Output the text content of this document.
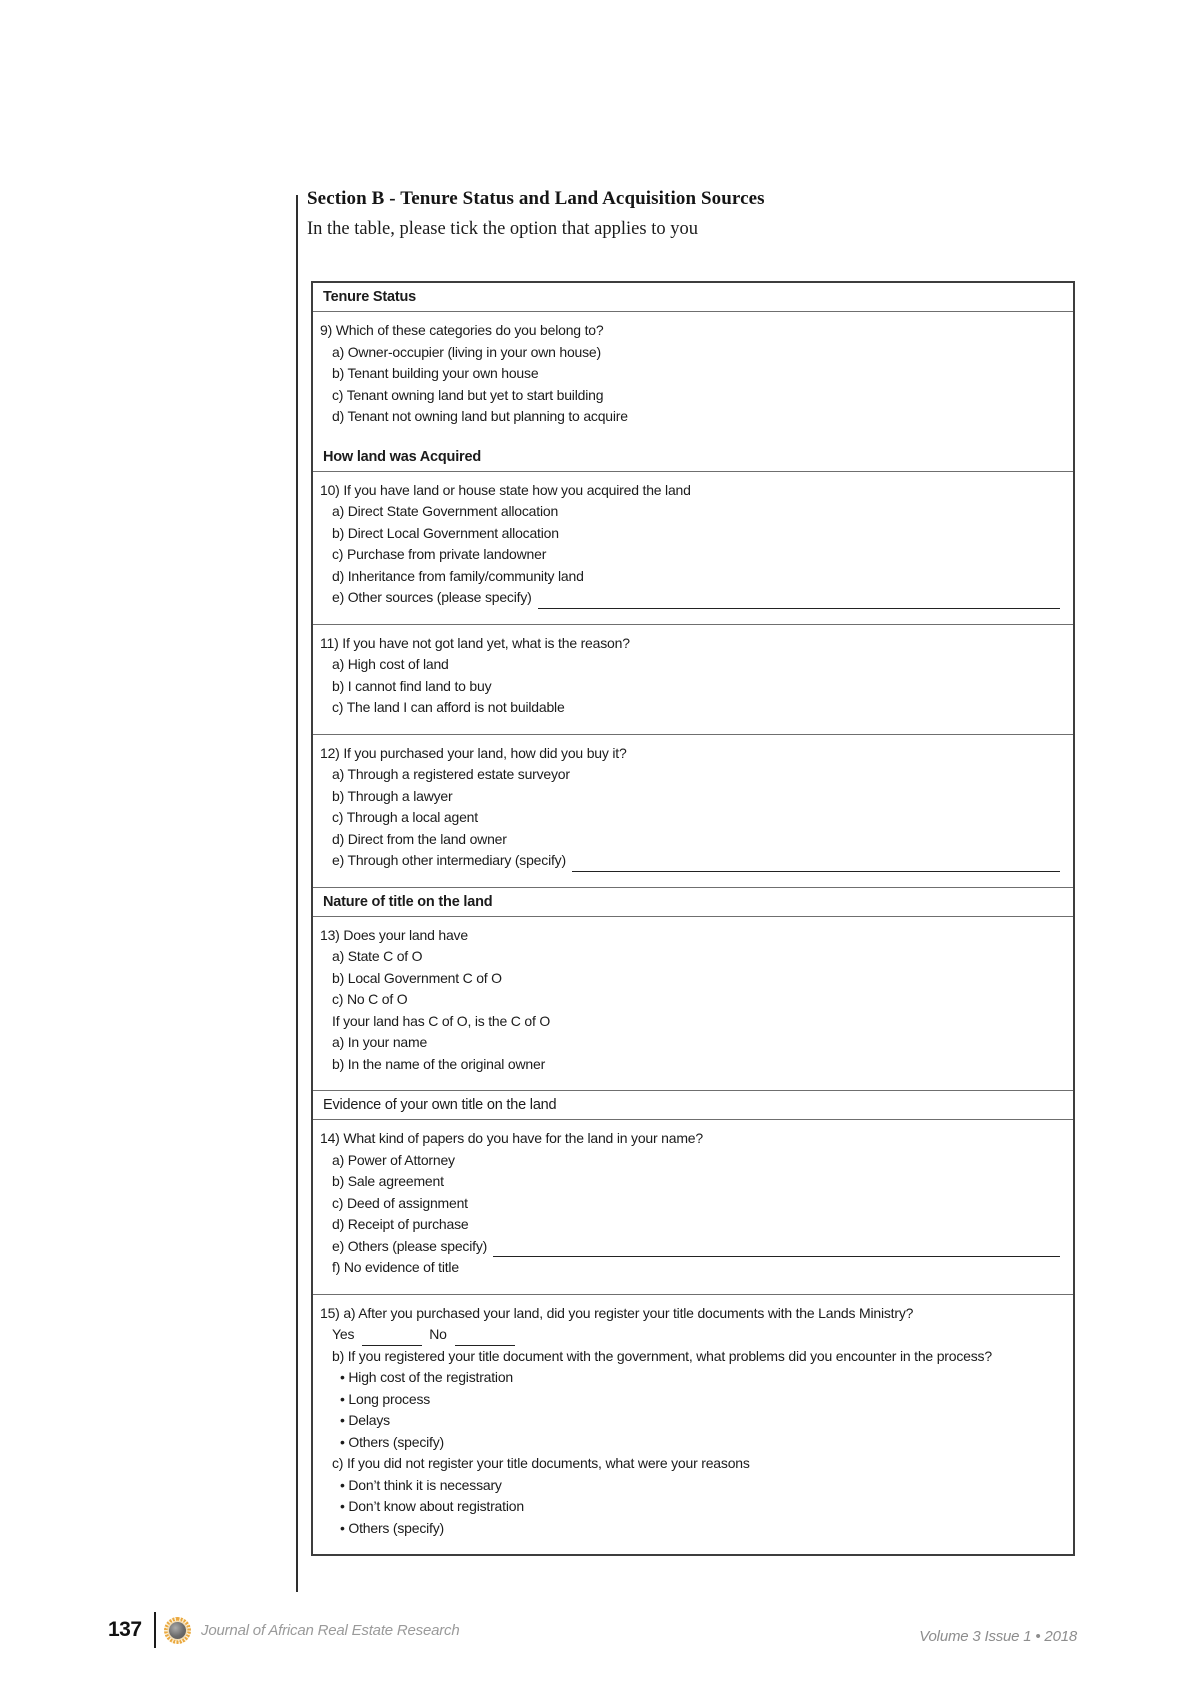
Section B - Tenure Status and Land Acquisition Sources

In the table, please tick the option that applies to you

Tenure Status
9) Which of these categories do you belong to?
a) Owner-occupier (living in your own house)
b) Tenant building your own house
c) Tenant owning land but yet to start building
d) Tenant not owning land but planning to acquire
How land was Acquired
10) If you have land or house state how you acquired the land
a) Direct State Government allocation
b) Direct Local Government allocation
c) Purchase from private landowner
d) Inheritance from family/community land
e) Other sources (please specify)
11) If you have not got land yet, what is the reason?
a) High cost of land
b) I cannot find land to buy
c) The land I can afford is not buildable
12) If you purchased your land, how did you buy it?
a) Through a registered estate surveyor
b) Through a lawyer
c) Through a local agent
d) Direct from the land owner
e) Through other intermediary (specify)
Nature of title on the land
13) Does your land have
a) State C of O
b) Local Government C of O
c) No C of O
If your land has C of O, is the C of O
a) In your name
b) In the name of the original owner
Evidence of your own title on the land
14) What kind of papers do you have for the land in your name?
a) Power of Attorney
b) Sale agreement
c) Deed of assignment
d) Receipt of purchase
e) Others (please specify)
f) No evidence of title
15) a) After you purchased your land, did you register your title documents with the Lands Ministry?
Yes	No
b) If you registered your title document with the government, what problems did you encounter in the process?
• High cost of the registration
• Long process
• Delays
• Others (specify)
c) If you did not register your title documents, what were your reasons
• Don’t think it is necessary
• Don’t know about registration
• Others (specify)
137	Journal of African Real Estate Research	Volume 3 Issue 1 • 2018
